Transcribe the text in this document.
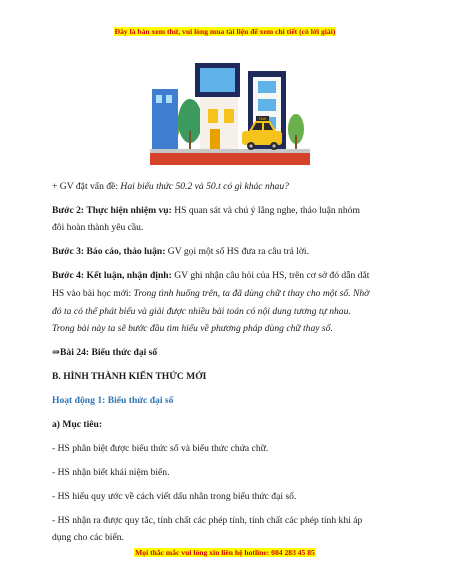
Đây là bản xem thử, vui lòng mua tài liệu để xem chi tiết (có lời giải)
TAXI
+ GV đặt vấn đề: Hai biểu thức 50.2 và 50.t có gì khác nhau?
Bước 2: Thực hiện nhiệm vụ: HS quan sát và chú ý lắng nghe, thảo luận nhóm
đôi hoàn thành yêu cầu.
Bước 3: Báo cáo, thảo luận: GV gọi một số HS đưa ra câu trả lời.
Bước 4: Kết luận, nhận định: GV ghi nhận câu hỏi của HS, trên cơ sở đó dẫn dắt
HS vào bài học mới: Trong tình huống trên, ta đã dùng chữ t thay cho một số. Nhờ
đó ta có thể phát biểu và giải được nhiều bài toán có nội dung tương tự nhau.
Trong bài này ta sẽ bước đầu tìm hiểu về phương pháp dùng chữ thay số.
⇒Bài 24: Biểu thức đại số
B. HÌNH THÀNH KIẾN THỨC MỚI
Hoạt động 1: Biểu thức đại số
a) Mục tiêu:
- HS phân biệt được biểu thức số và biểu thức chứa chữ.
- HS nhận biết khái niệm biến.
- HS hiểu quy ước về cách viết dấu nhân trong biểu thức đại số.
- HS nhận ra được quy tắc, tính chất các phép tính, tính chất các phép tính khi áp
dụng cho các biến.
Mọi thắc mắc vui lòng xin liên hệ hotline: 084 283 45 85
